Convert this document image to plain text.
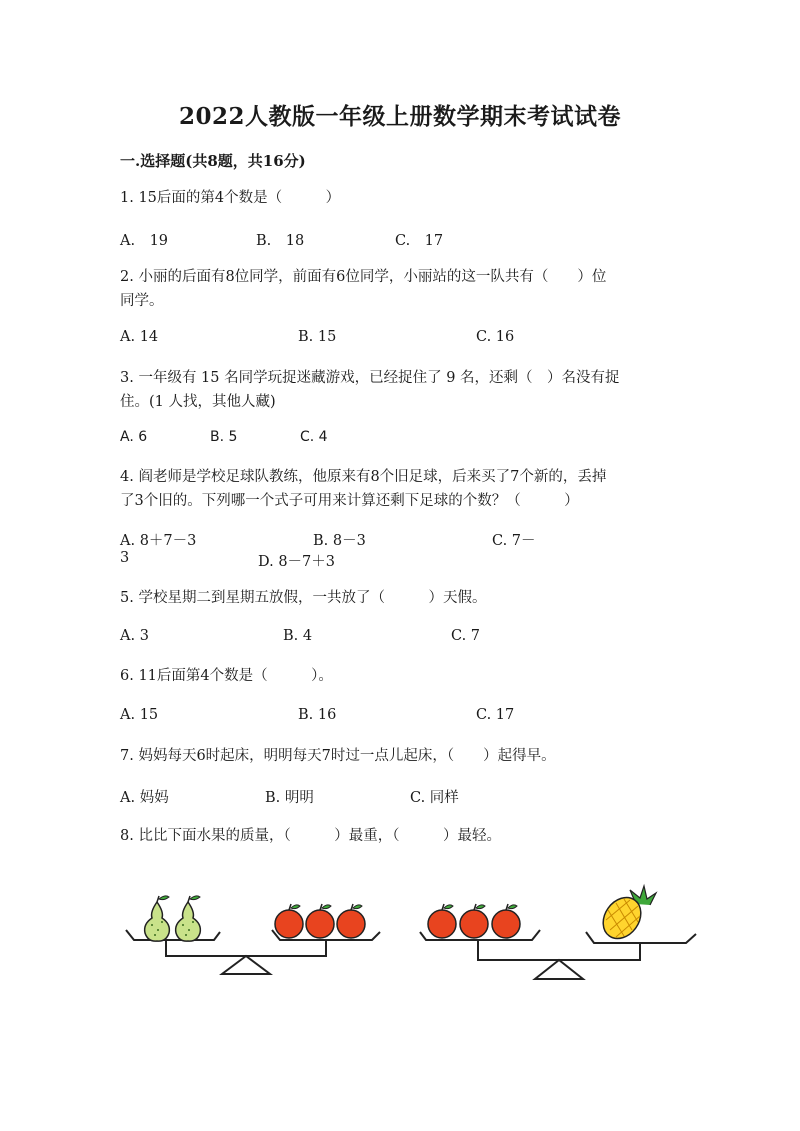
2022人教版一年级上册数学期末考试试卷
一.选择题(共8题，共16分)
1. 15后面的第4个数是（　　　）
A.　19	B.　18	C.　17
2. 小丽的后面有8位同学，前面有6位同学，小丽站的这一队共有（　　）位
同学。
A. 14	B. 15	C. 16
3. 一年级有 15 名同学玩捉迷藏游戏，已经捉住了 9 名，还剩（　）名没有捉
住。(1 人找，其他人藏)
A. 6	B. 5	C. 4
4. 阎老师是学校足球队教练，他原来有8个旧足球，后来买了7个新的，丢掉
了3个旧的。下列哪一个式子可用来计算还剩下足球的个数？（　　　）
A. 8＋7－3	B. 8－3	C. 7－
3	D. 8－7＋3
5. 学校星期二到星期五放假，一共放了（　　　）天假。
A. 3	B. 4	C. 7
6. 11后面第4个数是（　　　）。
A. 15	B. 16	C. 17
7. 妈妈每天6时起床，明明每天7时过一点儿起床，（　　）起得早。
A. 妈妈	B. 明明	C. 同样
8. 比比下面水果的质量，（　　　）最重，（　　　）最轻。
